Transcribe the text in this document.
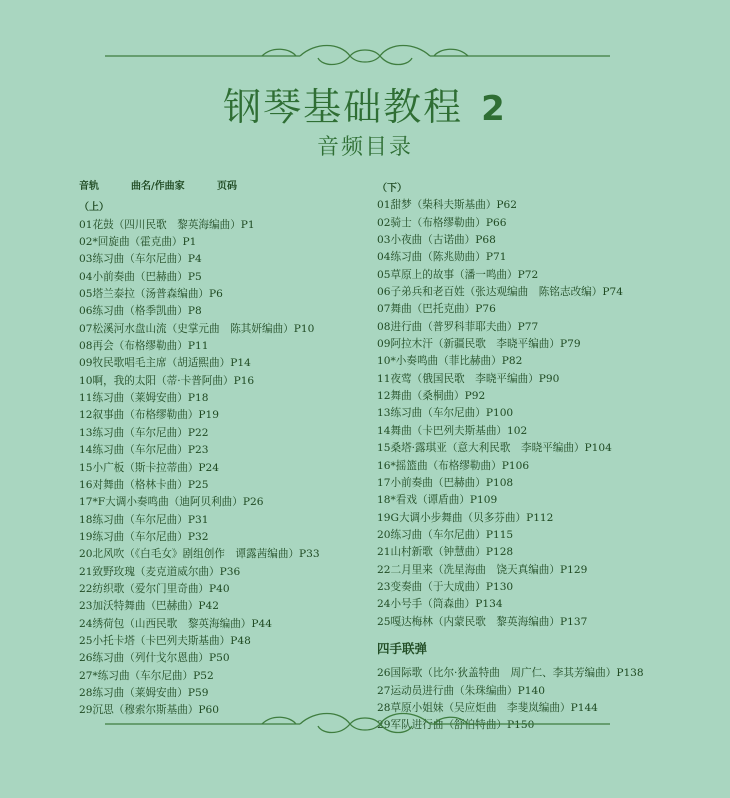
钢琴基础教程 2
音频目录
音轨	曲名/作曲家	页码
（上）
01花鼓（四川民歌　黎英海编曲）P1
02*回旋曲（霍克曲）P1
03练习曲（车尔尼曲）P4
04小前奏曲（巴赫曲）P5
05塔兰泰拉（汤普森编曲）P6
06练习曲（格季凯曲）P8
07松溪河水盘山流（史掌元曲　陈其妍编曲）P10
08再会（布格缪勒曲）P11
09牧民歌唱毛主席（胡适熙曲）P14
10啊，我的太阳（蒂·卡普阿曲）P16
11练习曲（莱姆安曲）P18
12叙事曲（布格缪勒曲）P19
13练习曲（车尔尼曲）P22
14练习曲（车尔尼曲）P23
15小广板（斯卡拉蒂曲）P24
16对舞曲（格林卡曲）P25
17*F大调小奏鸣曲（迪阿贝利曲）P26
18练习曲（车尔尼曲）P31
19练习曲（车尔尼曲）P32
20北风吹（《白毛女》剧组创作　谭露茜编曲）P33
21致野玫瑰（麦克道威尔曲）P36
22纺织歌（爱尔门里奇曲）P40
23加沃特舞曲（巴赫曲）P42
24绣荷包（山西民歌　黎英海编曲）P44
25小托卡塔（卡巴列夫斯基曲）P48
26练习曲（列什戈尔恩曲）P50
27*练习曲（车尔尼曲）P52
28练习曲（莱姆安曲）P59
29沉思（穆索尔斯基曲）P60
（下）
01甜梦（柴科夫斯基曲）P62
02骑士（布格缪勒曲）P66
03小夜曲（古诺曲）P68
04练习曲（陈兆勋曲）P71
05草原上的故事（潘一鸣曲）P72
06子弟兵和老百姓（张达观编曲　陈铭志改编）P74
07舞曲（巴托克曲）P76
08进行曲（普罗科菲耶夫曲）P77
09阿拉木汗（新疆民歌　李晓平编曲）P79
10*小奏鸣曲（菲比赫曲）P82
11夜莺（俄国民歌　李晓平编曲）P90
12舞曲（桑桐曲）P92
13练习曲（车尔尼曲）P100
14舞曲（卡巴列夫斯基曲）102
15桑塔·露琪亚（意大利民歌　李晓平编曲）P104
16*摇篮曲（布格缪勒曲）P106
17小前奏曲（巴赫曲）P108
18*看戏（谭盾曲）P109
19G大调小步舞曲（贝多芬曲）P112
20练习曲（车尔尼曲）P115
21山村新歌（钟慧曲）P128
22二月里来（冼星海曲　饶天真编曲）P129
23变奏曲（于大成曲）P130
24小号手（筒森曲）P134
25嘎达梅林（内蒙民歌　黎英海编曲）P137
四手联弹
26国际歌（比尔·狄盖特曲　周广仁、李其芳编曲）P138
27运动员进行曲（朱珠编曲）P140
28草原小姐妹（吴应炬曲　李斐岚编曲）P144
29军队进行曲（舒伯特曲）P150
